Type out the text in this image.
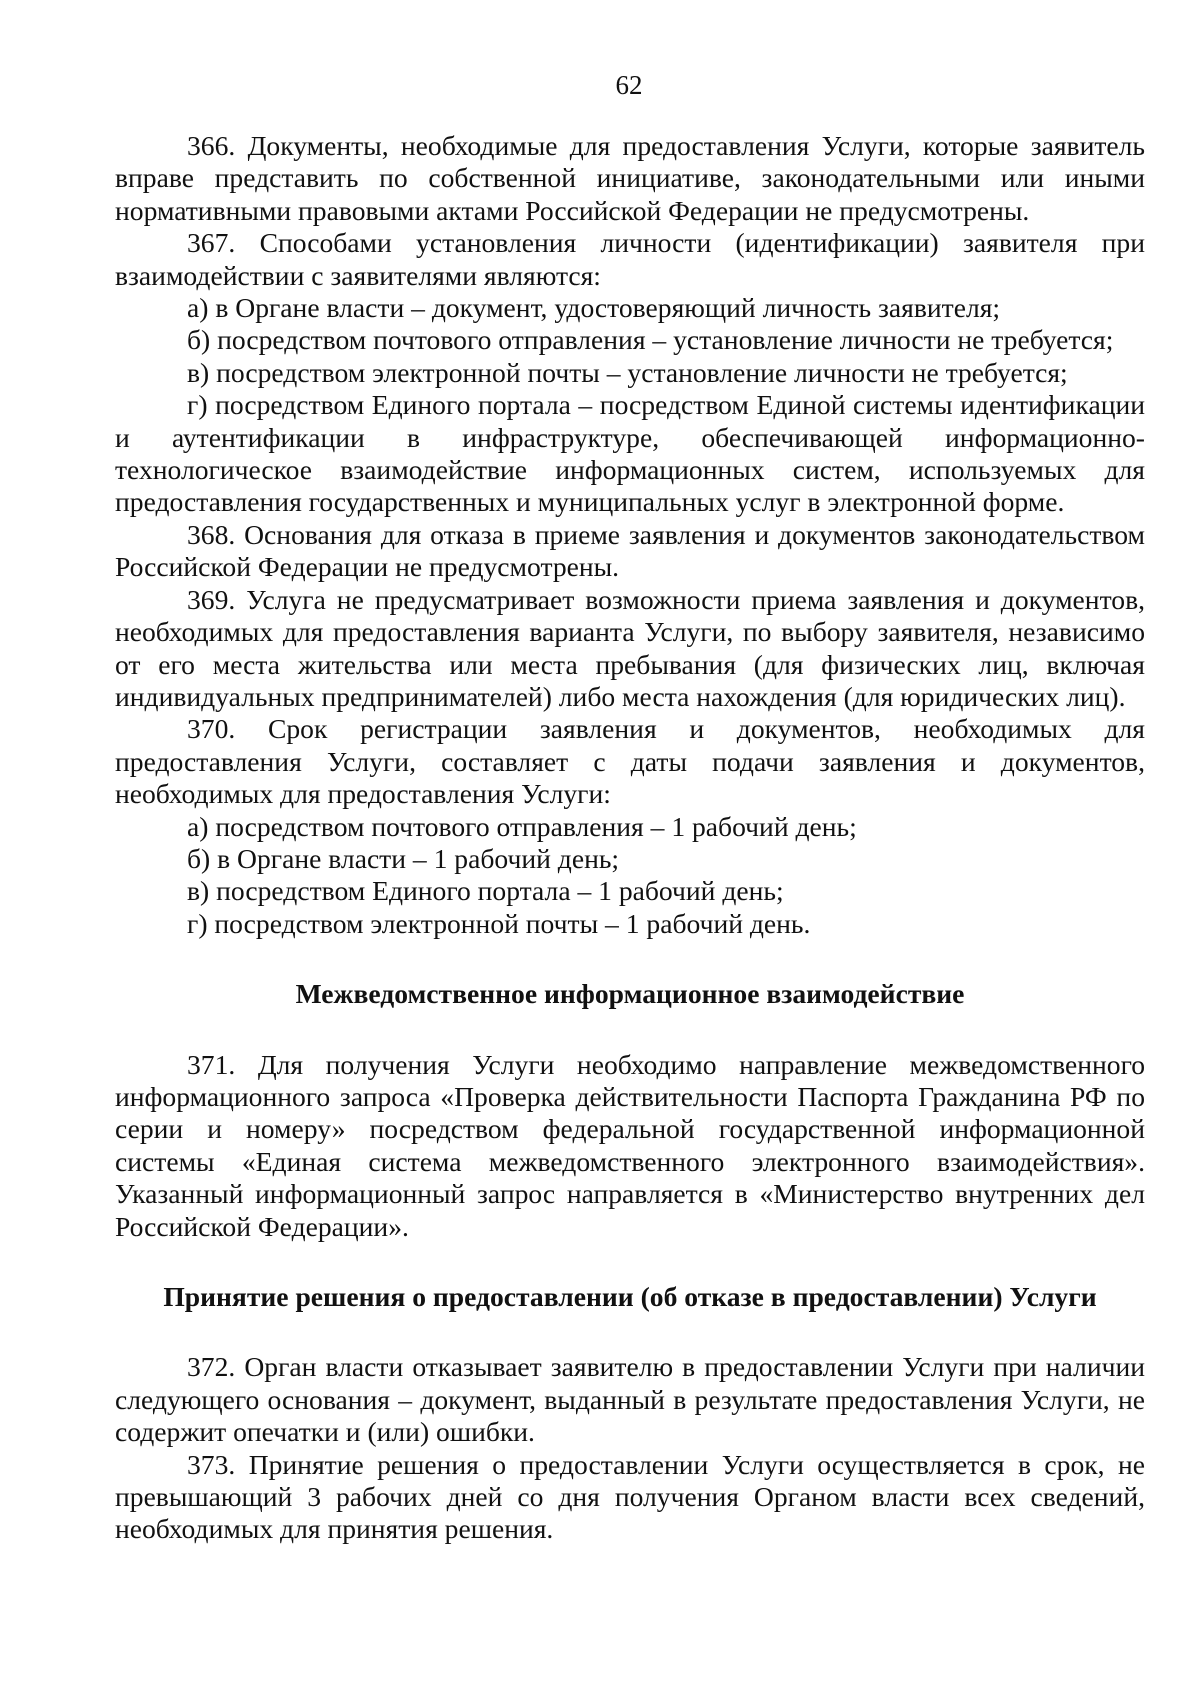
62

366. Документы, необходимые для предоставления Услуги, которые заявитель вправе представить по собственной инициативе, законодательными или иными нормативными правовыми актами Российской Федерации не предусмотрены.

367. Способами установления личности (идентификации) заявителя при взаимодействии с заявителями являются:

а) в Органе власти – документ, удостоверяющий личность заявителя;

б) посредством почтового отправления – установление личности не требуется;

в) посредством электронной почты – установление личности не требуется;

г) посредством Единого портала – посредством Единой системы идентификации и аутентификации в инфраструктуре, обеспечивающей информационно-технологическое взаимодействие информационных систем, используемых для предоставления государственных и муниципальных услуг в электронной форме.

368. Основания для отказа в приеме заявления и документов законодательством Российской Федерации не предусмотрены.

369. Услуга не предусматривает возможности приема заявления и документов, необходимых для предоставления варианта Услуги, по выбору заявителя, независимо от его места жительства или места пребывания (для физических лиц, включая индивидуальных предпринимателей) либо места нахождения (для юридических лиц).

370. Срок регистрации заявления и документов, необходимых для предоставления Услуги, составляет с даты подачи заявления и документов, необходимых для предоставления Услуги:

а) посредством почтового отправления – 1 рабочий день;

б) в Органе власти – 1 рабочий день;

в) посредством Единого портала – 1 рабочий день;

г) посредством электронной почты – 1 рабочий день.

Межведомственное информационное взаимодействие

371. Для получения Услуги необходимо направление межведомственного информационного запроса «Проверка действительности Паспорта Гражданина РФ по серии и номеру» посредством федеральной государственной информационной системы «Единая система межведомственного электронного взаимодействия». Указанный информационный запрос направляется в «Министерство внутренних дел Российской Федерации».

Принятие решения о предоставлении (об отказе в предоставлении) Услуги

372. Орган власти отказывает заявителю в предоставлении Услуги при наличии следующего основания – документ, выданный в результате предоставления Услуги, не содержит опечатки и (или) ошибки.

373. Принятие решения о предоставлении Услуги осуществляется в срок, не превышающий 3 рабочих дней со дня получения Органом власти всех сведений, необходимых для принятия решения.
